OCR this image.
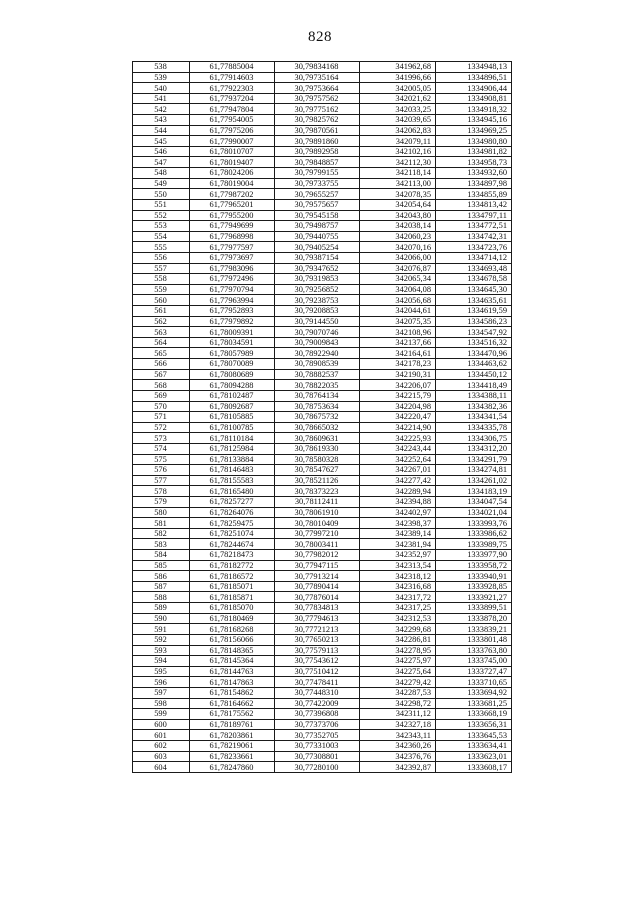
828
538	61,77885004	30,79834168	341962,68	1334948,13
539	61,77914603	30,79735164	341996,66	1334896,51
540	61,77922303	30,79753664	342005,05	1334906,44
541	61,77937204	30,79757562	342021,62	1334908,81
542	61,77947804	30,79775162	342033,25	1334918,32
543	61,77954005	30,79825762	342039,65	1334945,16
544	61,77975206	30,79870561	342062,83	1334969,25
545	61,77990007	30,79891860	342079,11	1334980,80
546	61,78010707	30,79892958	342102,16	1334981,82
547	61,78019407	30,79848857	342112,30	1334958,73
548	61,78024206	30,79799155	342118,14	1334932,60
549	61,78019004	30,79733755	342113,00	1334897,98
550	61,77987202	30,79655257	342078,35	1334855,89
551	61,77965201	30,79575657	342054,64	1334813,42
552	61,77955200	30,79545158	342043,80	1334797,11
553	61,77949699	30,79498757	342038,14	1334772,51
554	61,77968998	30,79440755	342060,23	1334742,31
555	61,77977597	30,79405254	342070,16	1334723,76
556	61,77973697	30,79387154	342066,00	1334714,12
557	61,77983096	30,79347652	342076,87	1334693,48
558	61,77972496	30,79319853	342065,34	1334678,58
559	61,77970794	30,79256852	342064,08	1334645,30
560	61,77963994	30,79238753	342056,68	1334635,61
561	61,77952893	30,79208853	342044,61	1334619,59
562	61,77979892	30,79144550	342075,35	1334586,23
563	61,78009391	30,79070746	342108,96	1334547,92
564	61,78034591	30,79009843	342137,66	1334516,32
565	61,78057989	30,78922940	342164,61	1334470,96
566	61,78070089	30,78908539	342178,23	1334463,62
567	61,78080689	30,78882537	342190,31	1334450,12
568	61,78094288	30,78822035	342206,07	1334418,49
569	61,78102487	30,78764134	342215,79	1334388,11
570	61,78092687	30,78753634	342204,98	1334382,36
571	61,78105885	30,78675732	342220,47	1334341,54
572	61,78100785	30,78665032	342214,90	1334335,78
573	61,78110184	30,78609631	342225,93	1334306,75
574	61,78125984	30,78619330	342243,44	1334312,20
575	61,78133884	30,78580328	342252,64	1334291,79
576	61,78146483	30,78547627	342267,01	1334274,81
577	61,78155583	30,78521126	342277,42	1334261,02
578	61,78165480	30,78373223	342289,94	1334183,19
579	61,78257277	30,78112411	342394,88	1334047,54
580	61,78264076	30,78061910	342402,97	1334021,04
581	61,78259475	30,78010409	342398,37	1333993,76
582	61,78251074	30,77997210	342389,14	1333986,62
583	61,78244674	30,78003411	342381,94	1333989,75
584	61,78218473	30,77982012	342352,97	1333977,90
585	61,78182772	30,77947115	342313,54	1333958,72
586	61,78186572	30,77913214	342318,12	1333940,91
587	61,78185071	30,77890414	342316,68	1333928,85
588	61,78185871	30,77876014	342317,72	1333921,27
589	61,78185070	30,77834813	342317,25	1333899,51
590	61,78180469	30,77794613	342312,53	1333878,20
591	61,78168268	30,77721213	342299,68	1333839,21
592	61,78156066	30,77650213	342286,81	1333801,48
593	61,78148365	30,77579113	342278,95	1333763,80
594	61,78145364	30,77543612	342275,97	1333745,00
595	61,78144763	30,77510412	342275,64	1333727,47
596	61,78147863	30,77478411	342279,42	1333710,65
597	61,78154862	30,77448310	342287,53	1333694,92
598	61,78164662	30,77422009	342298,72	1333681,25
599	61,78175562	30,77396808	342311,12	1333668,19
600	61,78189761	30,77373706	342327,18	1333656,31
601	61,78203861	30,77352705	342343,11	1333645,53
602	61,78219061	30,77331003	342360,26	1333634,41
603	61,78233661	30,77308801	342376,76	1333623,01
604	61,78247860	30,77280100	342392,87	1333608,17
